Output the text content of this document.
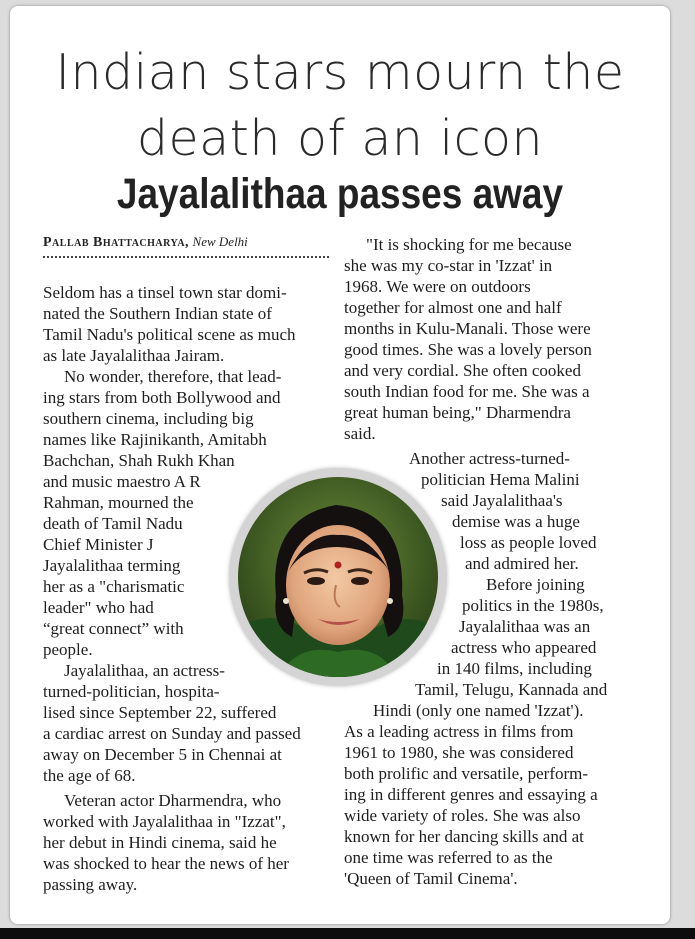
Indian stars mourn the death of an icon
Jayalalithaa passes away
Pallab Bhattacharya, New Delhi
Seldom has a tinsel town star domi-
nated the Southern Indian state of
Tamil Nadu's political scene as much
as late Jayalalithaa Jairam.
No wonder, therefore, that lead-
ing stars from both Bollywood and
southern cinema, including big
names like Rajinikanth, Amitabh
Bachchan, Shah Rukh Khan
and music maestro A R
Rahman, mourned the
death of Tamil Nadu
Chief Minister J
Jayalalithaa terming
her as a "charismatic
leader" who had
“great connect” with
people.
Jayalalithaa, an actress-
turned-politician, hospita-
lised since September 22, suffered
a cardiac arrest on Sunday and passed
away on December 5 in Chennai at
the age of 68.
Veteran actor Dharmendra, who
worked with Jayalalithaa in "Izzat",
her debut in Hindi cinema, said he
was shocked to hear the news of her
passing away.
"It is shocking for me because
she was my co-star in 'Izzat' in
1968. We were on outdoors
together for almost one and half
months in Kulu-Manali. Those were
good times. She was a lovely person
and very cordial. She often cooked
south Indian food for me. She was a
great human being," Dharmendra
said.
Another actress-turned-
politician Hema Malini
said Jayalalithaa's
demise was a huge
loss as people loved
and admired her.
Before joining
politics in the 1980s,
Jayalalithaa was an
actress who appeared
in 140 films, including
Tamil, Telugu, Kannada and
Hindi (only one named 'Izzat').
As a leading actress in films from
1961 to 1980, she was considered
both prolific and versatile, perform-
ing in different genres and essaying a
wide variety of roles. She was also
known for her dancing skills and at
one time was referred to as the
'Queen of Tamil Cinema'.
